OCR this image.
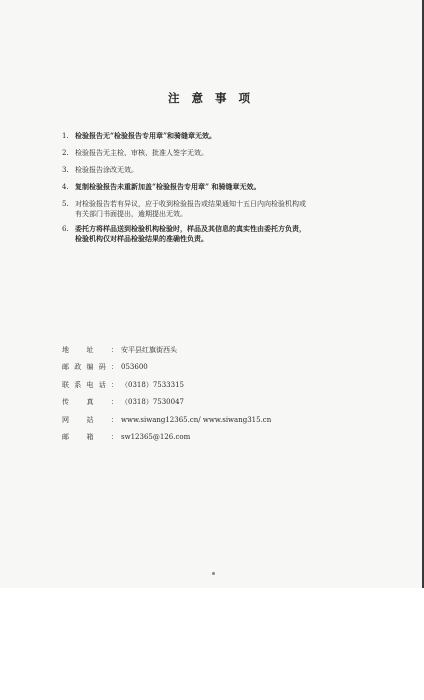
注 意 事 项
1. 检验报告无“检验报告专用章”和骑缝章无效。
2. 检验报告无主检、审核、批准人签字无效。
3. 检验报告涂改无效。
4. 复制检验报告未重新加盖“检验报告专用章” 和骑缝章无效。
5. 对检验报告若有异议，应于收到检验报告或结果通知十五日内向检验机构或
有关部门书面提出，逾期提出无效。
6. 委托方将样品送到检验机构检验时，样品及其信息的真实性由委托方负责，
检验机构仅对样品检验结果的准确性负责。
地址： 安平县红旗街西头
邮政编码： 053600
联系电话： （0318）7533315
传真： （0318）7530047
网站： www.siwang12365.cn/ www.siwang315.cn
邮箱： sw12365@126.com
